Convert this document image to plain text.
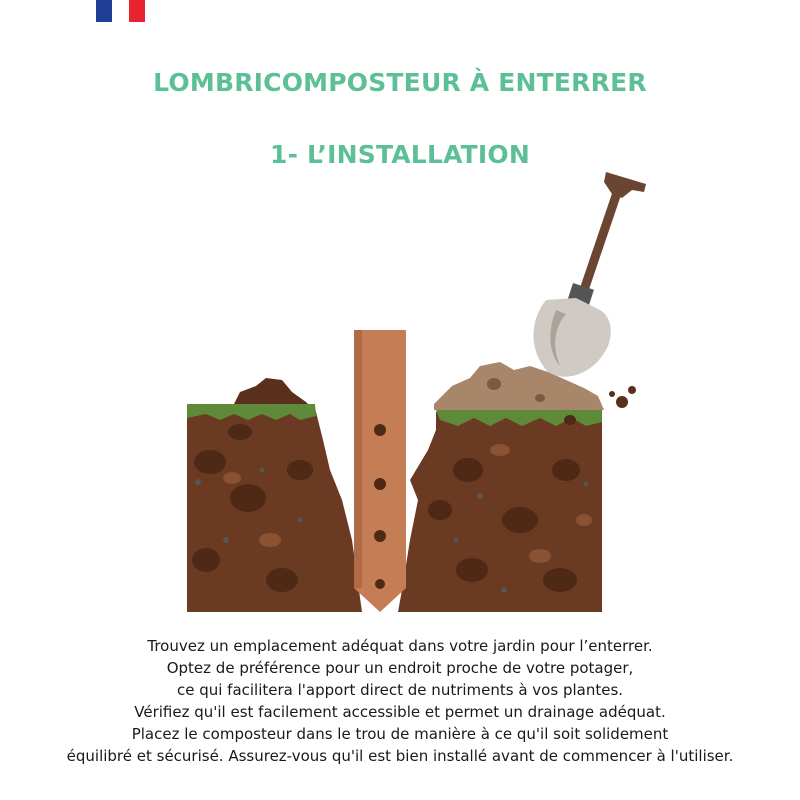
LOMBRICOMPOSTEUR À ENTERRER
1- L’INSTALLATION
Trouvez un emplacement adéquat dans votre jardin pour l’enterrer.
Optez de préférence pour un endroit proche de votre potager,
ce qui facilitera l'apport direct de nutriments à vos plantes.
Vérifiez qu'il est facilement accessible et permet un drainage adéquat.
Placez le composteur dans le trou de manière à ce qu'il soit solidement
équilibré et sécurisé. Assurez-vous qu'il est bien installé avant de commencer à l'utiliser.
